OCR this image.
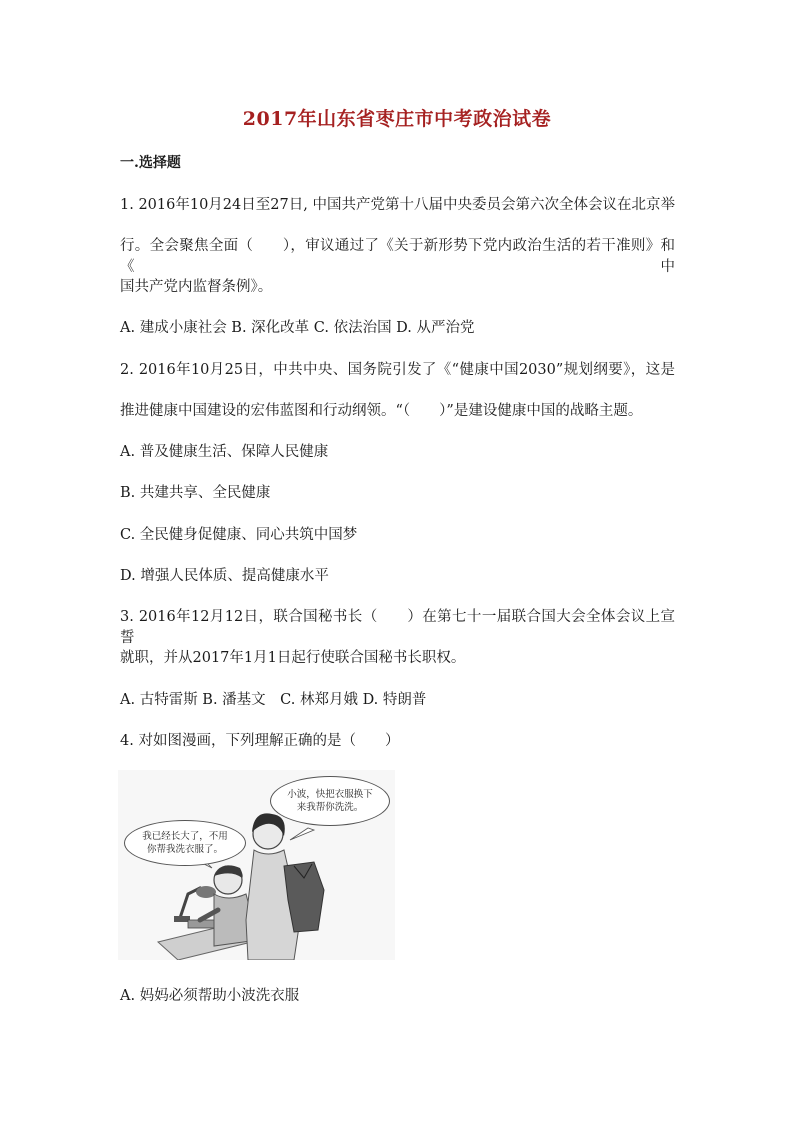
2017年山东省枣庄市中考政治试卷
一.选择题
1. 2016年10月24日至27日, 中国共产党第十八届中央委员会第六次全体会议在北京举
行。全会聚焦全面（　　），审议通过了《关于新形势下党内政治生活的若干准则》和《中
国共产党内监督条例》。
A. 建成小康社会 B. 深化改革 C. 依法治国 D. 从严治党
2. 2016年10月25日，中共中央、国务院引发了《“健康中国2030”规划纲要》，这是
推进健康中国建设的宏伟蓝图和行动纲领。“（　　）”是建设健康中国的战略主题。
A. 普及健康生活、保障人民健康
B. 共建共享、全民健康
C. 全民健身促健康、同心共筑中国梦
D. 增强人民体质、提高健康水平
3. 2016年12月12日，联合国秘书长（　　）在第七十一届联合国大会全体会议上宣誓
就职，并从2017年1月1日起行使联合国秘书长职权。
A. 古特雷斯 B. 潘基文　C. 林郑月娥 D. 特朗普
4. 对如图漫画，下列理解正确的是（　　）
小波，快把衣服换下
来我帮你洗洗。
我已经长大了，不用
你帮我洗衣服了。
A. 妈妈必须帮助小波洗衣服
